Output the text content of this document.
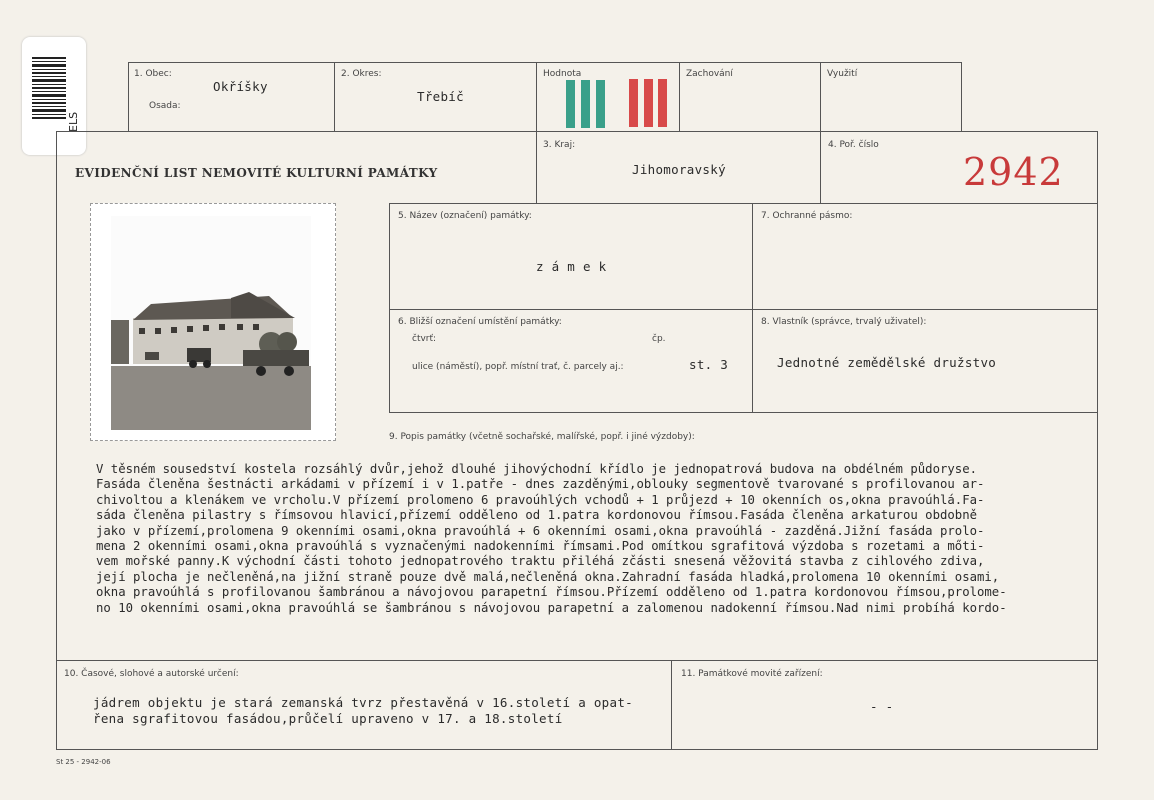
ELS
1. Obec:
Okříšky
Osada:
2. Okres:
Třebíč
Hodnota	Zachování	Využití
EVIDENČNÍ LIST NEMOVITÉ KULTURNÍ PAMÁTKY
3. Kraj:
Jihomoravský
4. Poř. číslo
2942
5. Název (označení) památky:
z á m e k
7. Ochranné pásmo:
6. Bližší označení umístění památky:
čtvrť:	čp.
ulice (náměstí), popř. místní trať, č. parcely aj.:	st. 3
8. Vlastník (správce, trvalý uživatel):
Jednotné zemědělské družstvo
9. Popis památky (včetně sochařské, malířské, popř. i jiné výzdoby):
V těsném sousedství kostela rozsáhlý dvůr,jehož dlouhé jihovýchodní křídlo je jednopatrová budova na obdélném půdoryse.
Fasáda členěna šestnácti arkádami v přízemí i v 1.patře - dnes zazděnými,oblouky segmentově tvarované s profilovanou ar-
chivoltou a klenákem ve vrcholu.V přízemí prolomeno 6 pravoúhlých vchodů + 1 průjezd + 10 okenních os,okna pravoúhlá.Fa-
sáda členěna pilastry s římsovou hlavicí,přízemí odděleno od 1.patra kordonovou římsou.Fasáda členěna arkaturou obdobně
jako v přízemí,prolomena 9 okenními osami,okna pravoúhlá + 6 okenními osami,okna pravoúhlá - zazděná.Jižní fasáda prolo-
mena 2 okenními osami,okna pravoúhlá s vyznačenými nadokenními římsami.Pod omítkou sgrafitová výzdoba s rozetami a mőti-
vem mořské panny.K východní části tohoto jednopatrového traktu přiléhá zčásti snesená věžovitá stavba z cihlového zdiva,
její plocha je nečleněná,na jižní straně pouze dvě malá,nečleněná okna.Zahradní fasáda hladká,prolomena 10 okenními osami,
okna pravoúhlá s profilovanou šambránou a návojovou parapetní římsou.Přízemí odděleno od 1.patra kordonovou římsou,prolome-
no 10 okenními osami,okna pravoúhlá se šambránou s návojovou parapetní a zalomenou nadokenní římsou.Nad nimi probíhá kordo-
10. Časové, slohové a autorské určení:
jádrem objektu je stará zemanská tvrz přestavěná v 16.století a opat-
řena sgrafitovou fasádou,průčelí upraveno v 17. a 18.století
11. Památkové movité zařízení:
- -
St 25 - 2942-06
